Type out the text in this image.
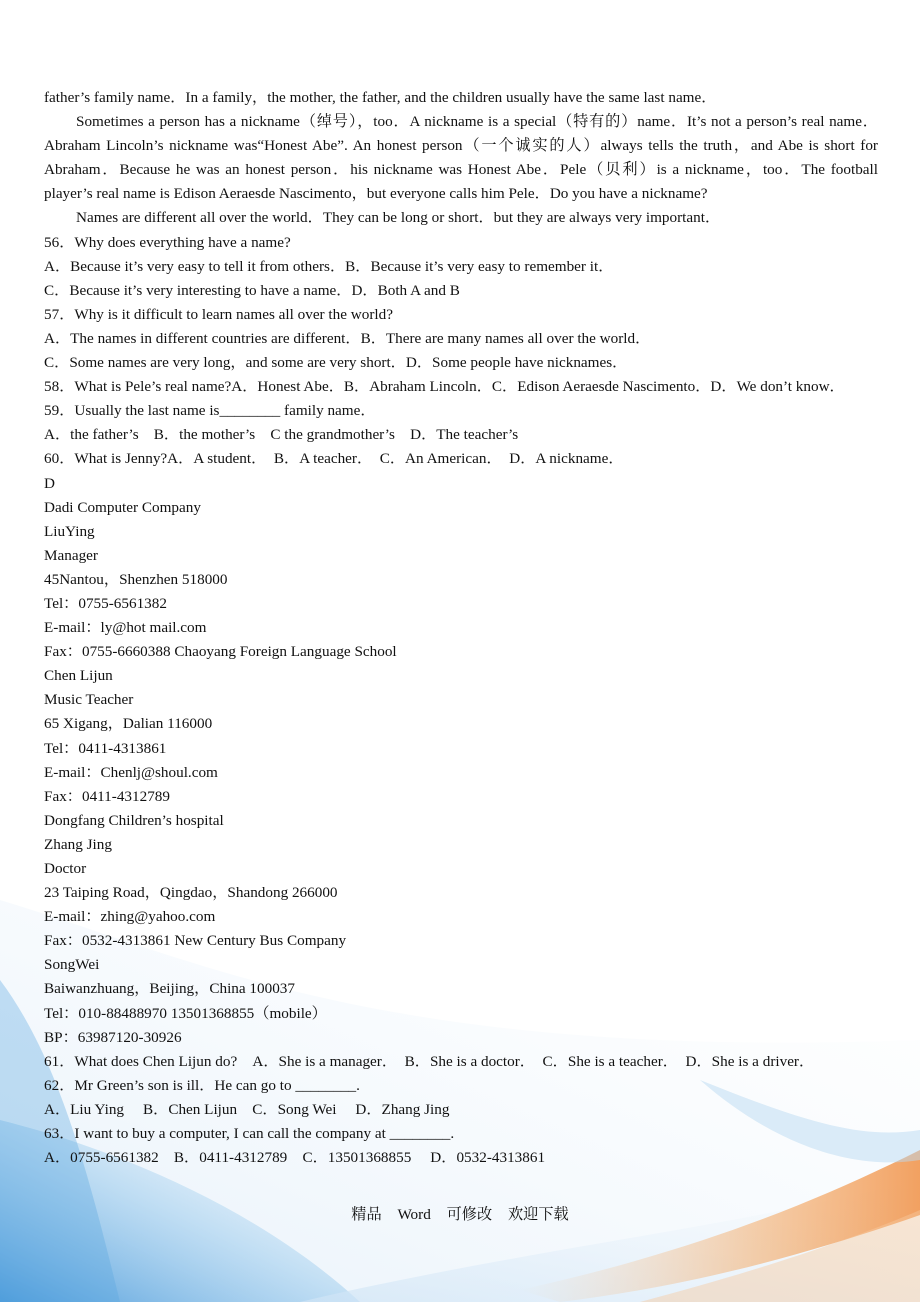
father’s family name．In a family，the mother, the father, and the children usually have the same last name．
Sometimes a person has a nickname（绰号），too．A nickname is a special（特有的）name．It’s not a person’s real name．Abraham Lincoln’s nickname was“Honest Abe”. An honest person（一个诚实的人）always tells the truth，and Abe is short for Abraham．Because he was an honest person．his nickname was Honest Abe．Pele（贝利）is a nickname，too．The football player’s real name is Edison Aeraesde Nascimento，but everyone calls him Pele．Do you have a nickname?
Names are different all over the world．They can be long or short．but they are always very important．
56．Why does everything have a name?
A．Because it’s very easy to tell it from others．B．Because it’s very easy to remember it．
C．Because it’s very interesting to have a name．D．Both A and B
57．Why is it difficult to learn names all over the world?
A．The names in different countries are different．B．There are many names all over the world．
C．Some names are very long，and some are very short．D．Some people have nicknames．
58．What is Pele’s real name?A．Honest Abe．B．Abraham Lincoln．C．Edison Aeraesde Nascimento．D．We don’t know．
59．Usually the last name is________ family name．
A．the father’s　B．the mother’s　C the grandmother’s　D．The teacher’s
60．What is Jenny?A．A student．　B．A teacher．　C．An American．　D．A nickname．
D
Dadi Computer Company
LiuYing
Manager
45Nantou，Shenzhen 518000
Tel：0755-6561382
E-mail：ly@hot mail.com
Fax：0755-6660388 Chaoyang Foreign Language School
Chen Lijun
Music Teacher
65 Xigang，Dalian 116000
Tel：0411-4313861
E-mail：Chenlj@shoul.com
Fax：0411-4312789
Dongfang Children’s hospital
Zhang Jing
Doctor
23 Taiping Road，Qingdao，Shandong 266000
E-mail：zhing@yahoo.com
Fax：0532-4313861 New Century Bus Company
SongWei
Baiwanzhuang，Beijing，China 100037
Tel：010-88488970 13501368855（mobile）
BP：63987120-30926
61．What does Chen Lijun do?　A．She is a manager．　B．She is a doctor．　C．She is a teacher．　D．She is a driver．
62．Mr Green’s son is ill．He can go to ________.
A．Liu Ying　 B．Chen Lijun　C．Song Wei　 D．Zhang Jing
63．I want to buy a computer, I can call the company at ________.
A．0755-6561382　B．0411-4312789　C．13501368855　 D．0532-4313861
精品 Word 可修改 欢迎下载
